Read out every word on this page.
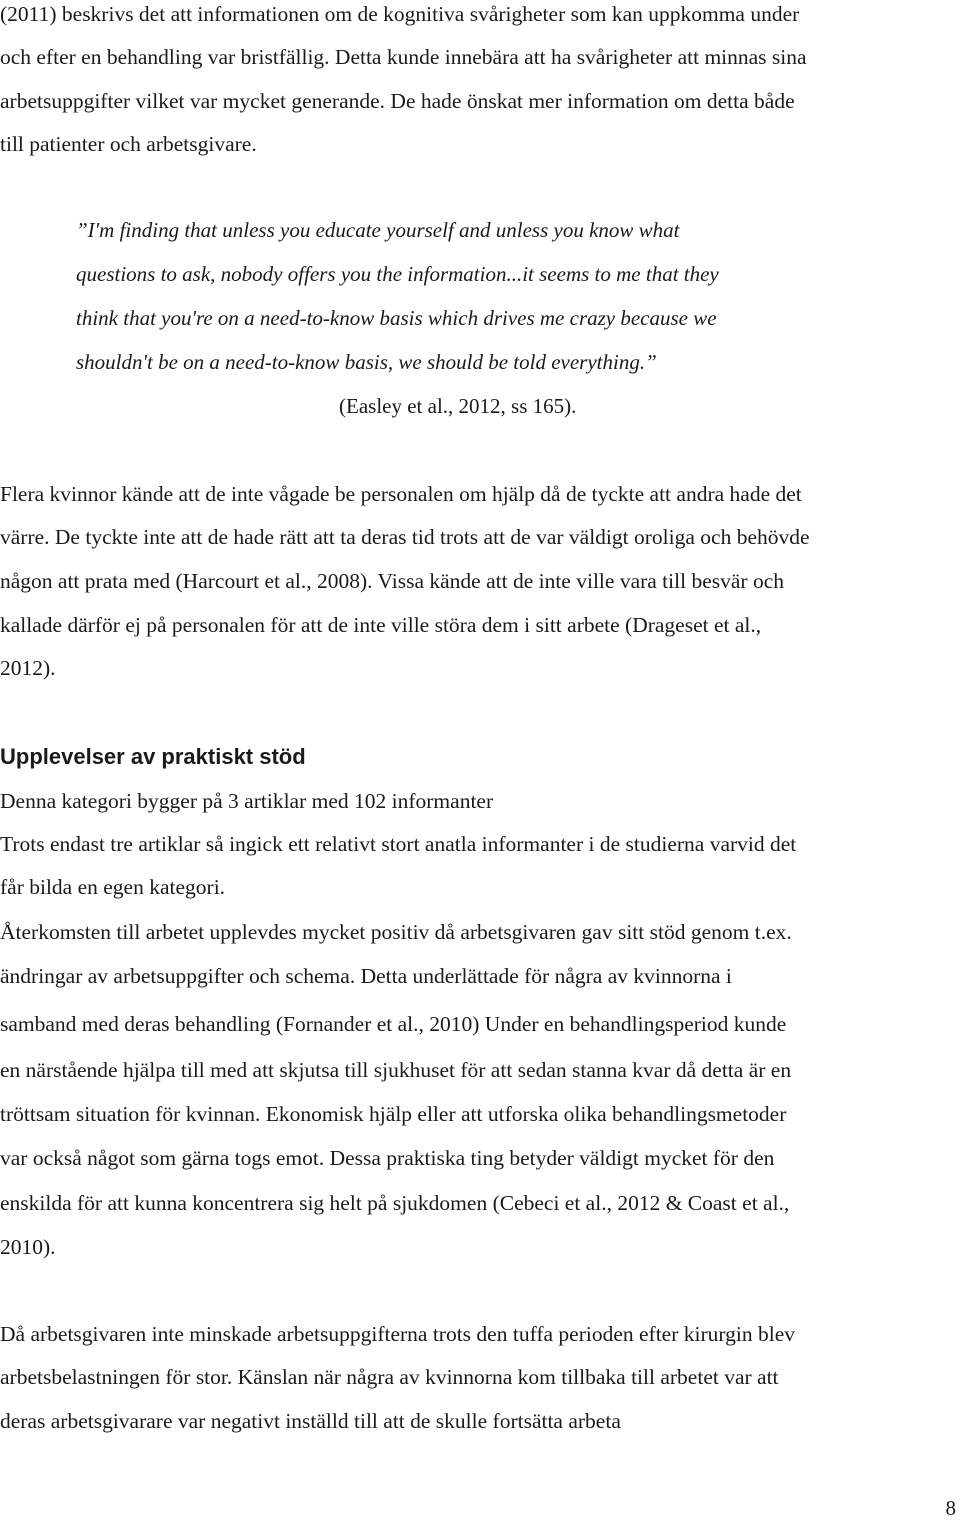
(2011) beskrivs det att informationen om de kognitiva svårigheter som kan uppkomma under
och efter en behandling var bristfällig. Detta kunde innebära att ha svårigheter att minnas sina
arbetsuppgifter vilket var mycket generande. De hade önskat mer information om detta både
till patienter och arbetsgivare.
”I'm finding that unless you educate yourself and unless you know what
questions to ask, nobody offers you the information...it seems to me that they
think that you're on a need-to-know basis which drives me crazy because we
shouldn't be on a need-to-know basis, we should be told everything.”
(Easley et al., 2012, ss 165).
Flera kvinnor kände att de inte vågade be personalen om hjälp då de tyckte att andra hade det
värre. De tyckte inte att de hade rätt att ta deras tid trots att de var väldigt oroliga och behövde
någon att prata med (Harcourt et al., 2008). Vissa kände att de inte ville vara till besvär och
kallade därför ej på personalen för att de inte ville störa dem i sitt arbete (Drageset et al.,
2012).
Upplevelser av praktiskt stöd
Denna kategori bygger på 3 artiklar med 102 informanter
Trots endast tre artiklar så ingick ett relativt stort anatla informanter i de studierna varvid det
får bilda en egen kategori.
Återkomsten till arbetet upplevdes mycket positiv då arbetsgivaren gav sitt stöd genom t.ex.
ändringar av arbetsuppgifter och schema. Detta underlättade för några av kvinnorna i
samband med deras behandling (Fornander et al., 2010) Under en behandlingsperiod kunde
en närstående hjälpa till med att skjutsa till sjukhuset för att sedan stanna kvar då detta är en
tröttsam situation för kvinnan. Ekonomisk hjälp eller att utforska olika behandlingsmetoder
var också något som gärna togs emot. Dessa praktiska ting betyder väldigt mycket för den
enskilda för att kunna koncentrera sig helt på sjukdomen (Cebeci et al., 2012 & Coast et al.,
2010).
Då arbetsgivaren inte minskade arbetsuppgifterna trots den tuffa perioden efter kirurgin blev
arbetsbelastningen för stor. Känslan när några av kvinnorna kom tillbaka till arbetet var att
deras arbetsgivarare var negativt inställd till att de skulle fortsätta arbeta
8
